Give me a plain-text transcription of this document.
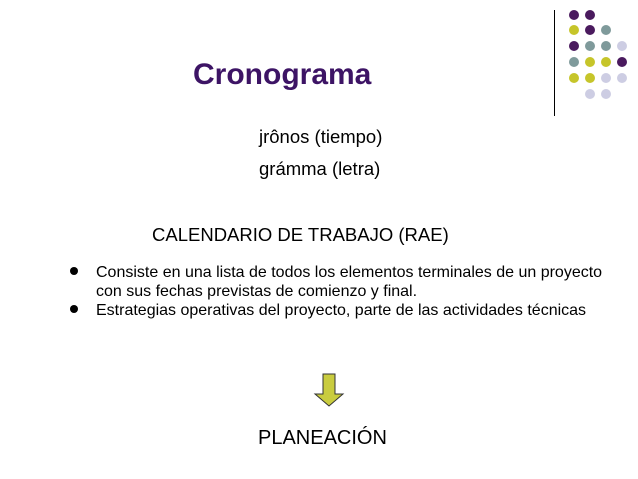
Cronograma
jrônos (tiempo)
grámma (letra)
CALENDARIO DE TRABAJO (RAE)
Consiste en una lista de todos los elementos terminales de un proyecto con sus fechas previstas de comienzo y final.
Estrategias operativas del proyecto, parte de las actividades técnicas
PLANEACIÓN
